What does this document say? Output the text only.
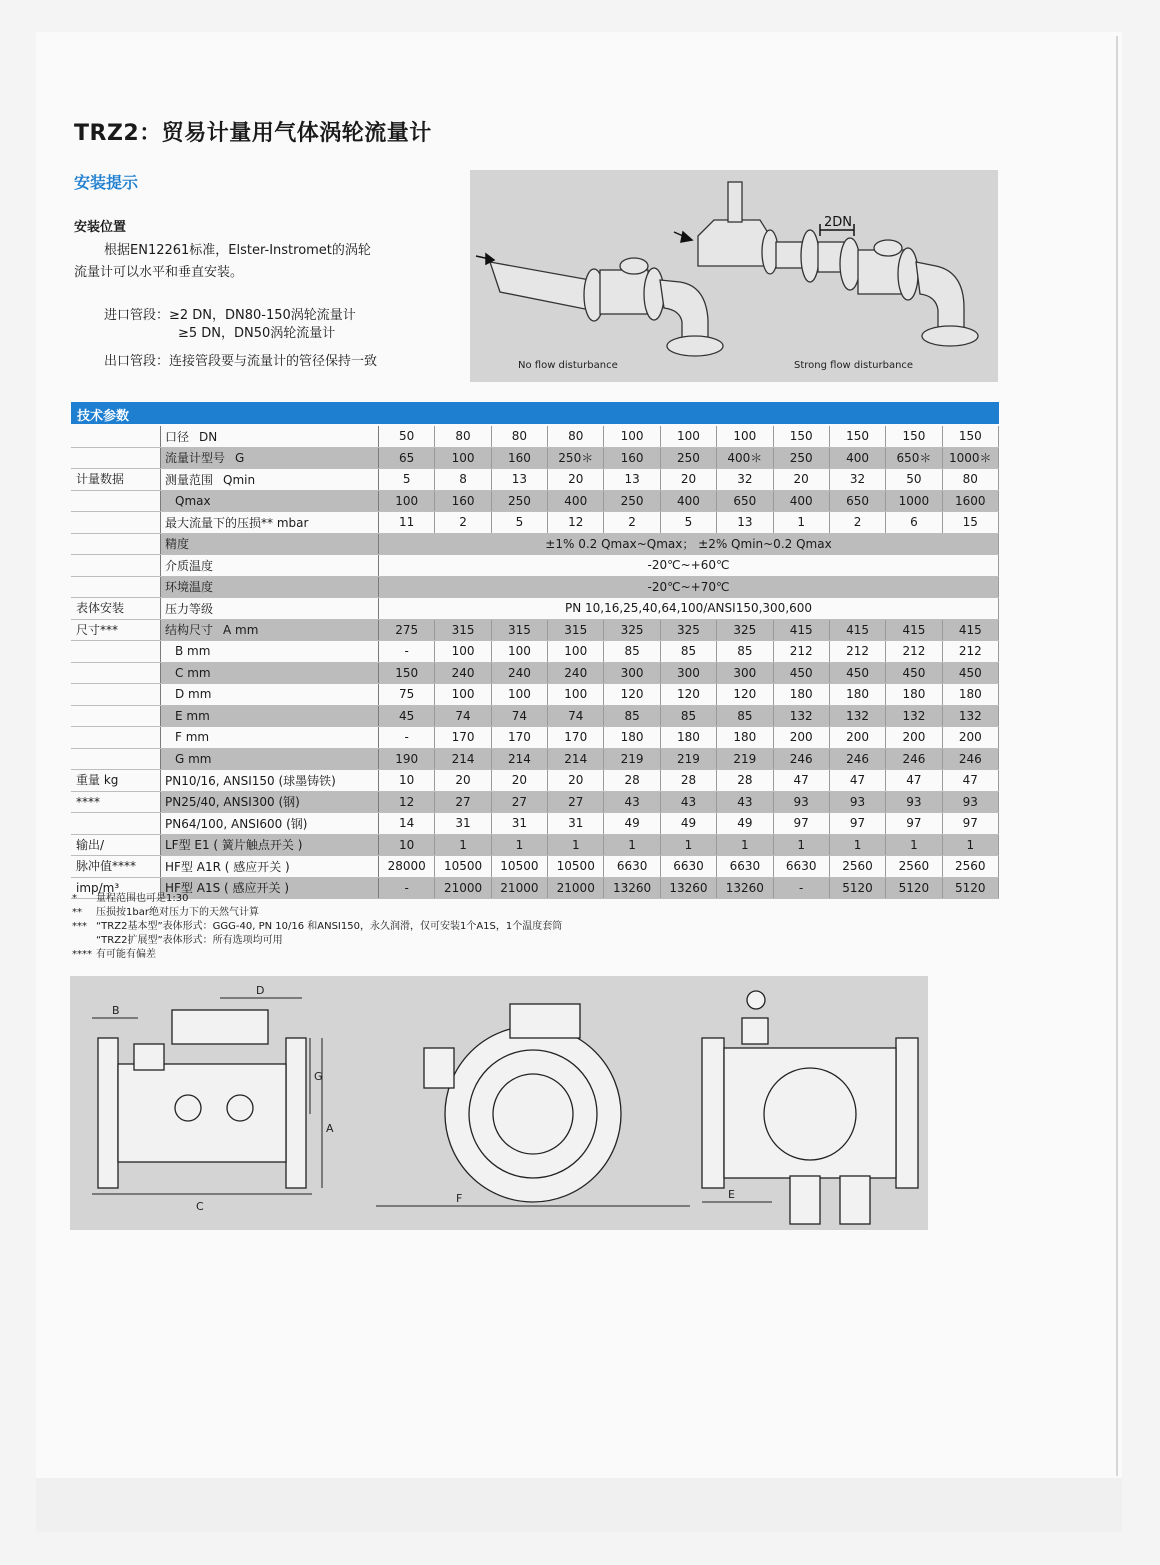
TRZ2：贸易计量用气体涡轮流量计
安装提示
安装位置
根据EN12261标准，Elster-Instromet的涡轮
流量计可以水平和垂直安装。
进口管段：≥2 DN，DN80-150涡轮流量计
≥5 DN，DN50涡轮流量计
出口管段：连接管段要与流量计的管径保持一致
2DN
No flow disturbance	Strong flow disturbance
技术参数
	口径 DN	50	80	80	80	100	100	100	150	150	150	150
	流量计型号 G	65	100	160	250＊	160	250	400＊	250	400	650＊	1000＊
计量数据	测量范围 Qmin	5	8	13	20	13	20	32	20	32	50	80
	Qmax	100	160	250	400	250	400	650	400	650	1000	1600
	最大流量下的压损** mbar	11	2	5	12	2	5	13	1	2	6	15
	精度	±1% 0.2 Qmax~Qmax； ±2% Qmin~0.2 Qmax										
	介质温度	-20℃~+60℃										
	环境温度	-20℃~+70℃										
表体安装	压力等级	PN 10,16,25,40,64,100/ANSI150,300,600										
尺寸***	结构尺寸 A mm	275	315	315	315	325	325	325	415	415	415	415
	B mm	-	100	100	100	85	85	85	212	212	212	212
	C mm	150	240	240	240	300	300	300	450	450	450	450
	D mm	75	100	100	100	120	120	120	180	180	180	180
	E mm	45	74	74	74	85	85	85	132	132	132	132
	F mm	-	170	170	170	180	180	180	200	200	200	200
	G mm	190	214	214	214	219	219	219	246	246	246	246
重量 kg	PN10/16, ANSI150 (球墨铸铁)	10	20	20	20	28	28	28	47	47	47	47
****	PN25/40, ANSI300 (钢)	12	27	27	27	43	43	43	93	93	93	93
	PN64/100, ANSI600 (钢)	14	31	31	31	49	49	49	97	97	97	97
输出/	LF型 E1 ( 簧片触点开关 )	10	1	1	1	1	1	1	1	1	1	1
脉冲值****	HF型 A1R ( 感应开关 )	28000	10500	10500	10500	6630	6630	6630	6630	2560	2560	2560
imp/m³	HF型 A1S ( 感应开关 )	-	21000	21000	21000	13260	13260	13260	-	5120	5120	5120
* 量程范围也可是1:30
** 压损按1bar绝对压力下的天然气计算
*** “TRZ2基本型”表体形式：GGG-40, PN 10/16 和ANSI150，永久润滑，仅可安装1个A1S，1个温度套筒
“TRZ2扩展型”表体形式：所有选项均可用
**** 有可能有偏差
C
B
D
A
G
F	E
